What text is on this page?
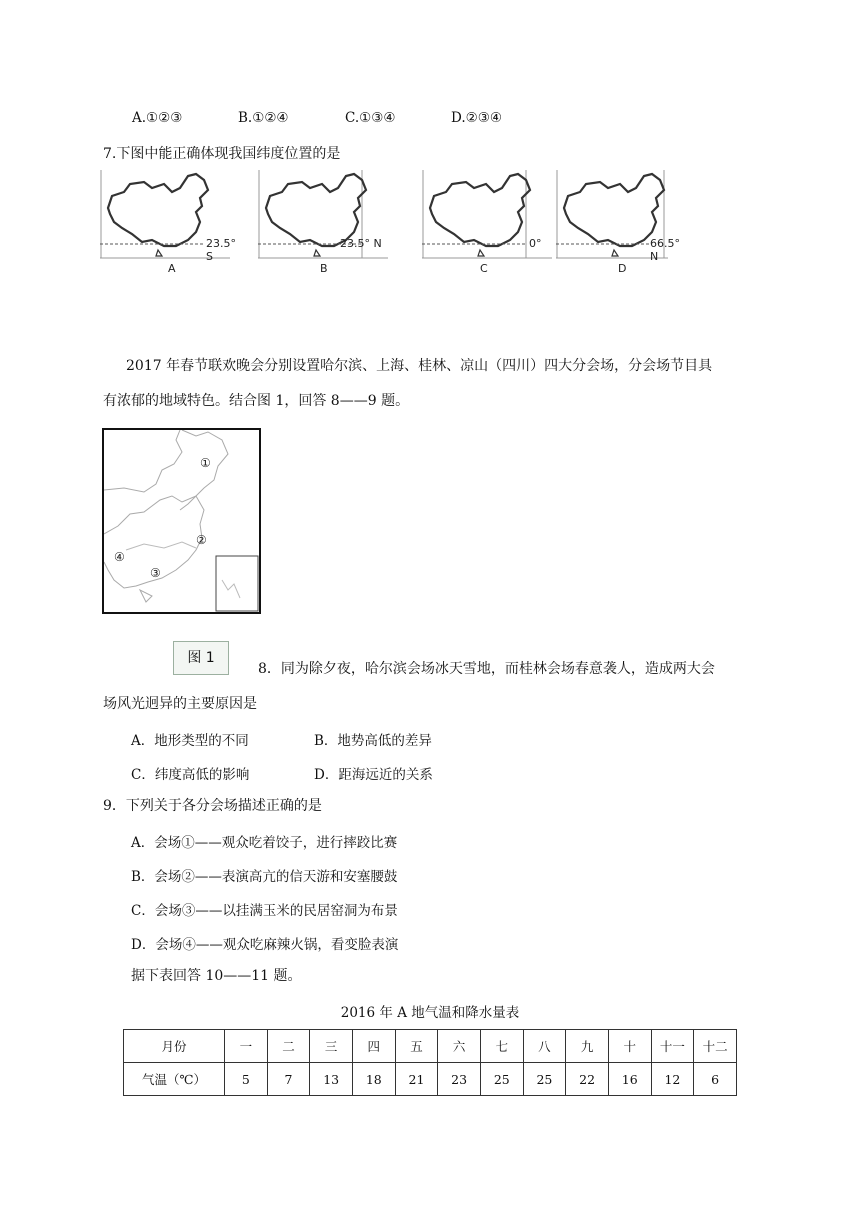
A.①②③	B.①②④	C.①③④	D.②③④
7.下图中能正确体现我国纬度位置的是
23.5° S
A
23.5° N
B
0°
C
66.5° N
D
2017 年春节联欢晚会分别设置哈尔滨、上海、桂林、凉山（四川）四大分会场，分会场节目具
有浓郁的地域特色。结合图 1，回答 8——9 题。
①
②
③
④
图 1
8．同为除夕夜，哈尔滨会场冰天雪地，而桂林会场春意袭人，造成两大会
场风光迥异的主要原因是
A．地形类型的不同	B．地势高低的差异
C．纬度高低的影响	D．距海远近的关系
9．下列关于各分会场描述正确的是
A．会场①——观众吃着饺子，进行摔跤比赛
B．会场②——表演高亢的信天游和安塞腰鼓
C．会场③——以挂满玉米的民居窑洞为布景
D．会场④——观众吃麻辣火锅，看变脸表演
据下表回答 10——11 题。
2016 年 A 地气温和降水量表
月份	一	二	三	四	五	六	七	八	九	十	十一	十二
气温（℃）	5	7	13	18	21	23	25	25	22	16	12	6
